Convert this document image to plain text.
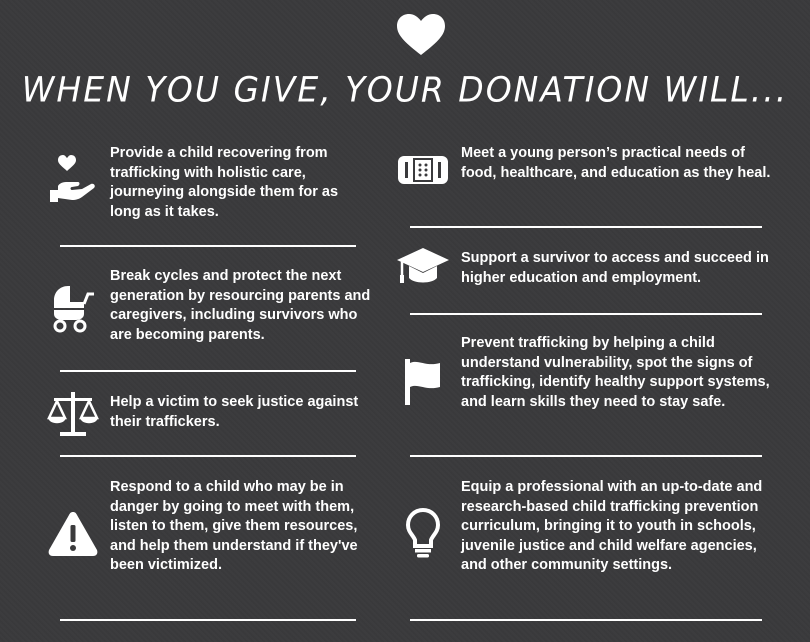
WHEN YOU GIVE, YOUR DONATION WILL...
Provide a child recovering from trafficking with holistic care, journeying alongside them for as long as it takes.
Break cycles and protect the next generation by resourcing parents and caregivers, including survivors who are becoming parents.
Help a victim to seek justice against their traffickers.
Respond to a child who may be in danger by going to meet with them, listen to them, give them resources, and help them understand if they've been victimized.
Meet a young person’s practical needs of food, healthcare, and education as they heal.
Support a survivor to access and succeed in higher education and employment.
Prevent trafficking by helping a child understand vulnerability, spot the signs of trafficking, identify healthy support systems, and learn skills they need to stay safe.
Equip a professional with an up-to-date and research-based child trafficking prevention curriculum, bringing it to youth in schools, juvenile justice and child welfare agencies, and other community settings.
